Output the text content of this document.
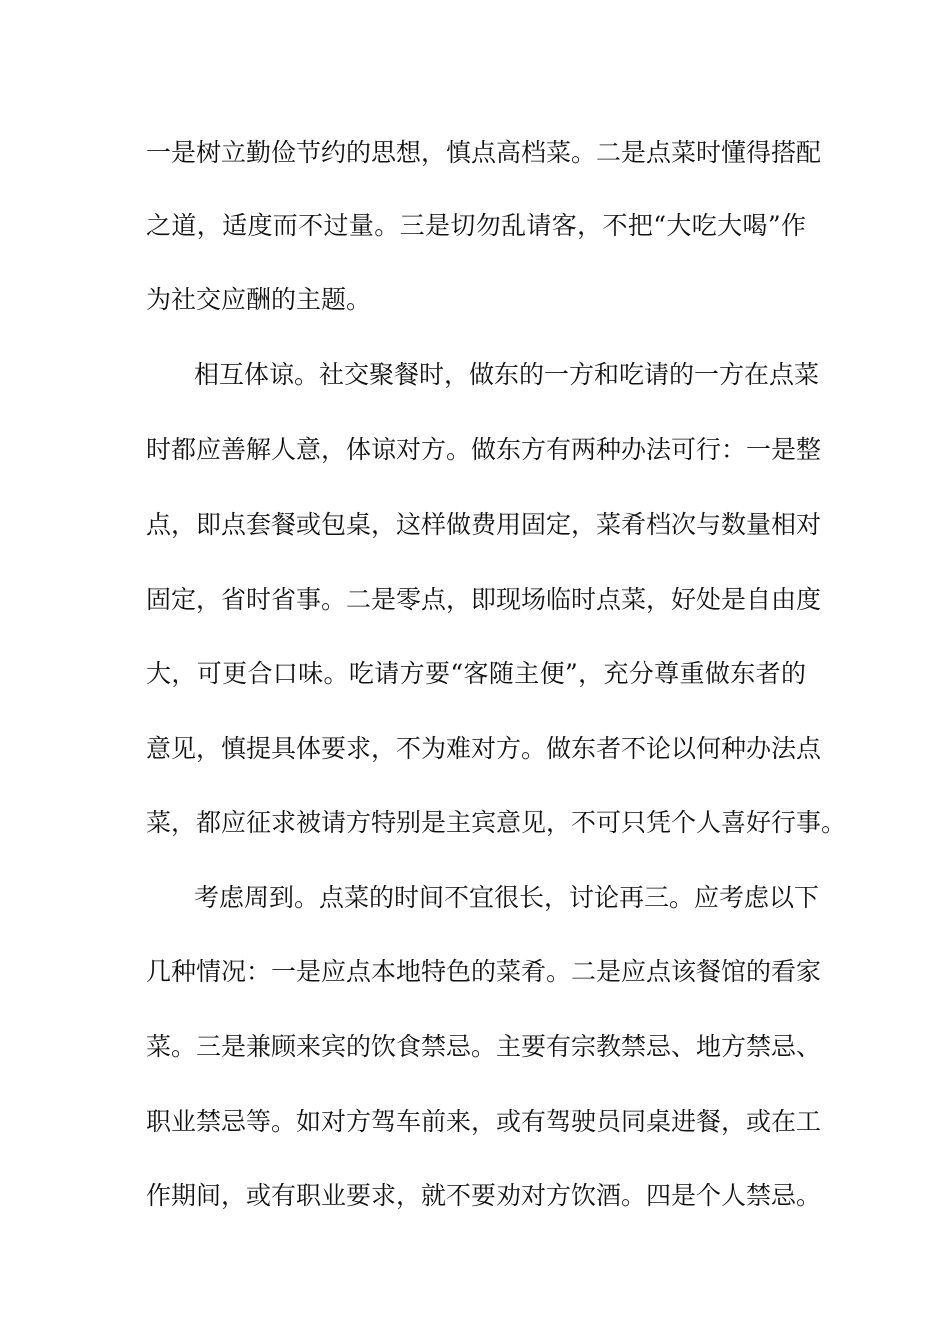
一是树立勤俭节约的思想，慎点高档菜。二是点菜时懂得搭配
之道，适度而不过量。三是切勿乱请客，不把“大吃大喝”作
为社交应酬的主题。
相互体谅。社交聚餐时，做东的一方和吃请的一方在点菜
时都应善解人意，体谅对方。做东方有两种办法可行：一是整
点，即点套餐或包桌，这样做费用固定，菜肴档次与数量相对
固定，省时省事。二是零点，即现场临时点菜，好处是自由度
大，可更合口味。吃请方要“客随主便”，充分尊重做东者的
意见，慎提具体要求，不为难对方。做东者不论以何种办法点
菜，都应征求被请方特别是主宾意见，不可只凭个人喜好行事。
考虑周到。点菜的时间不宜很长，讨论再三。应考虑以下
几种情况：一是应点本地特色的菜肴。二是应点该餐馆的看家
菜。三是兼顾来宾的饮食禁忌。主要有宗教禁忌、地方禁忌、
职业禁忌等。如对方驾车前来，或有驾驶员同桌进餐，或在工
作期间，或有职业要求，就不要劝对方饮酒。四是个人禁忌。
